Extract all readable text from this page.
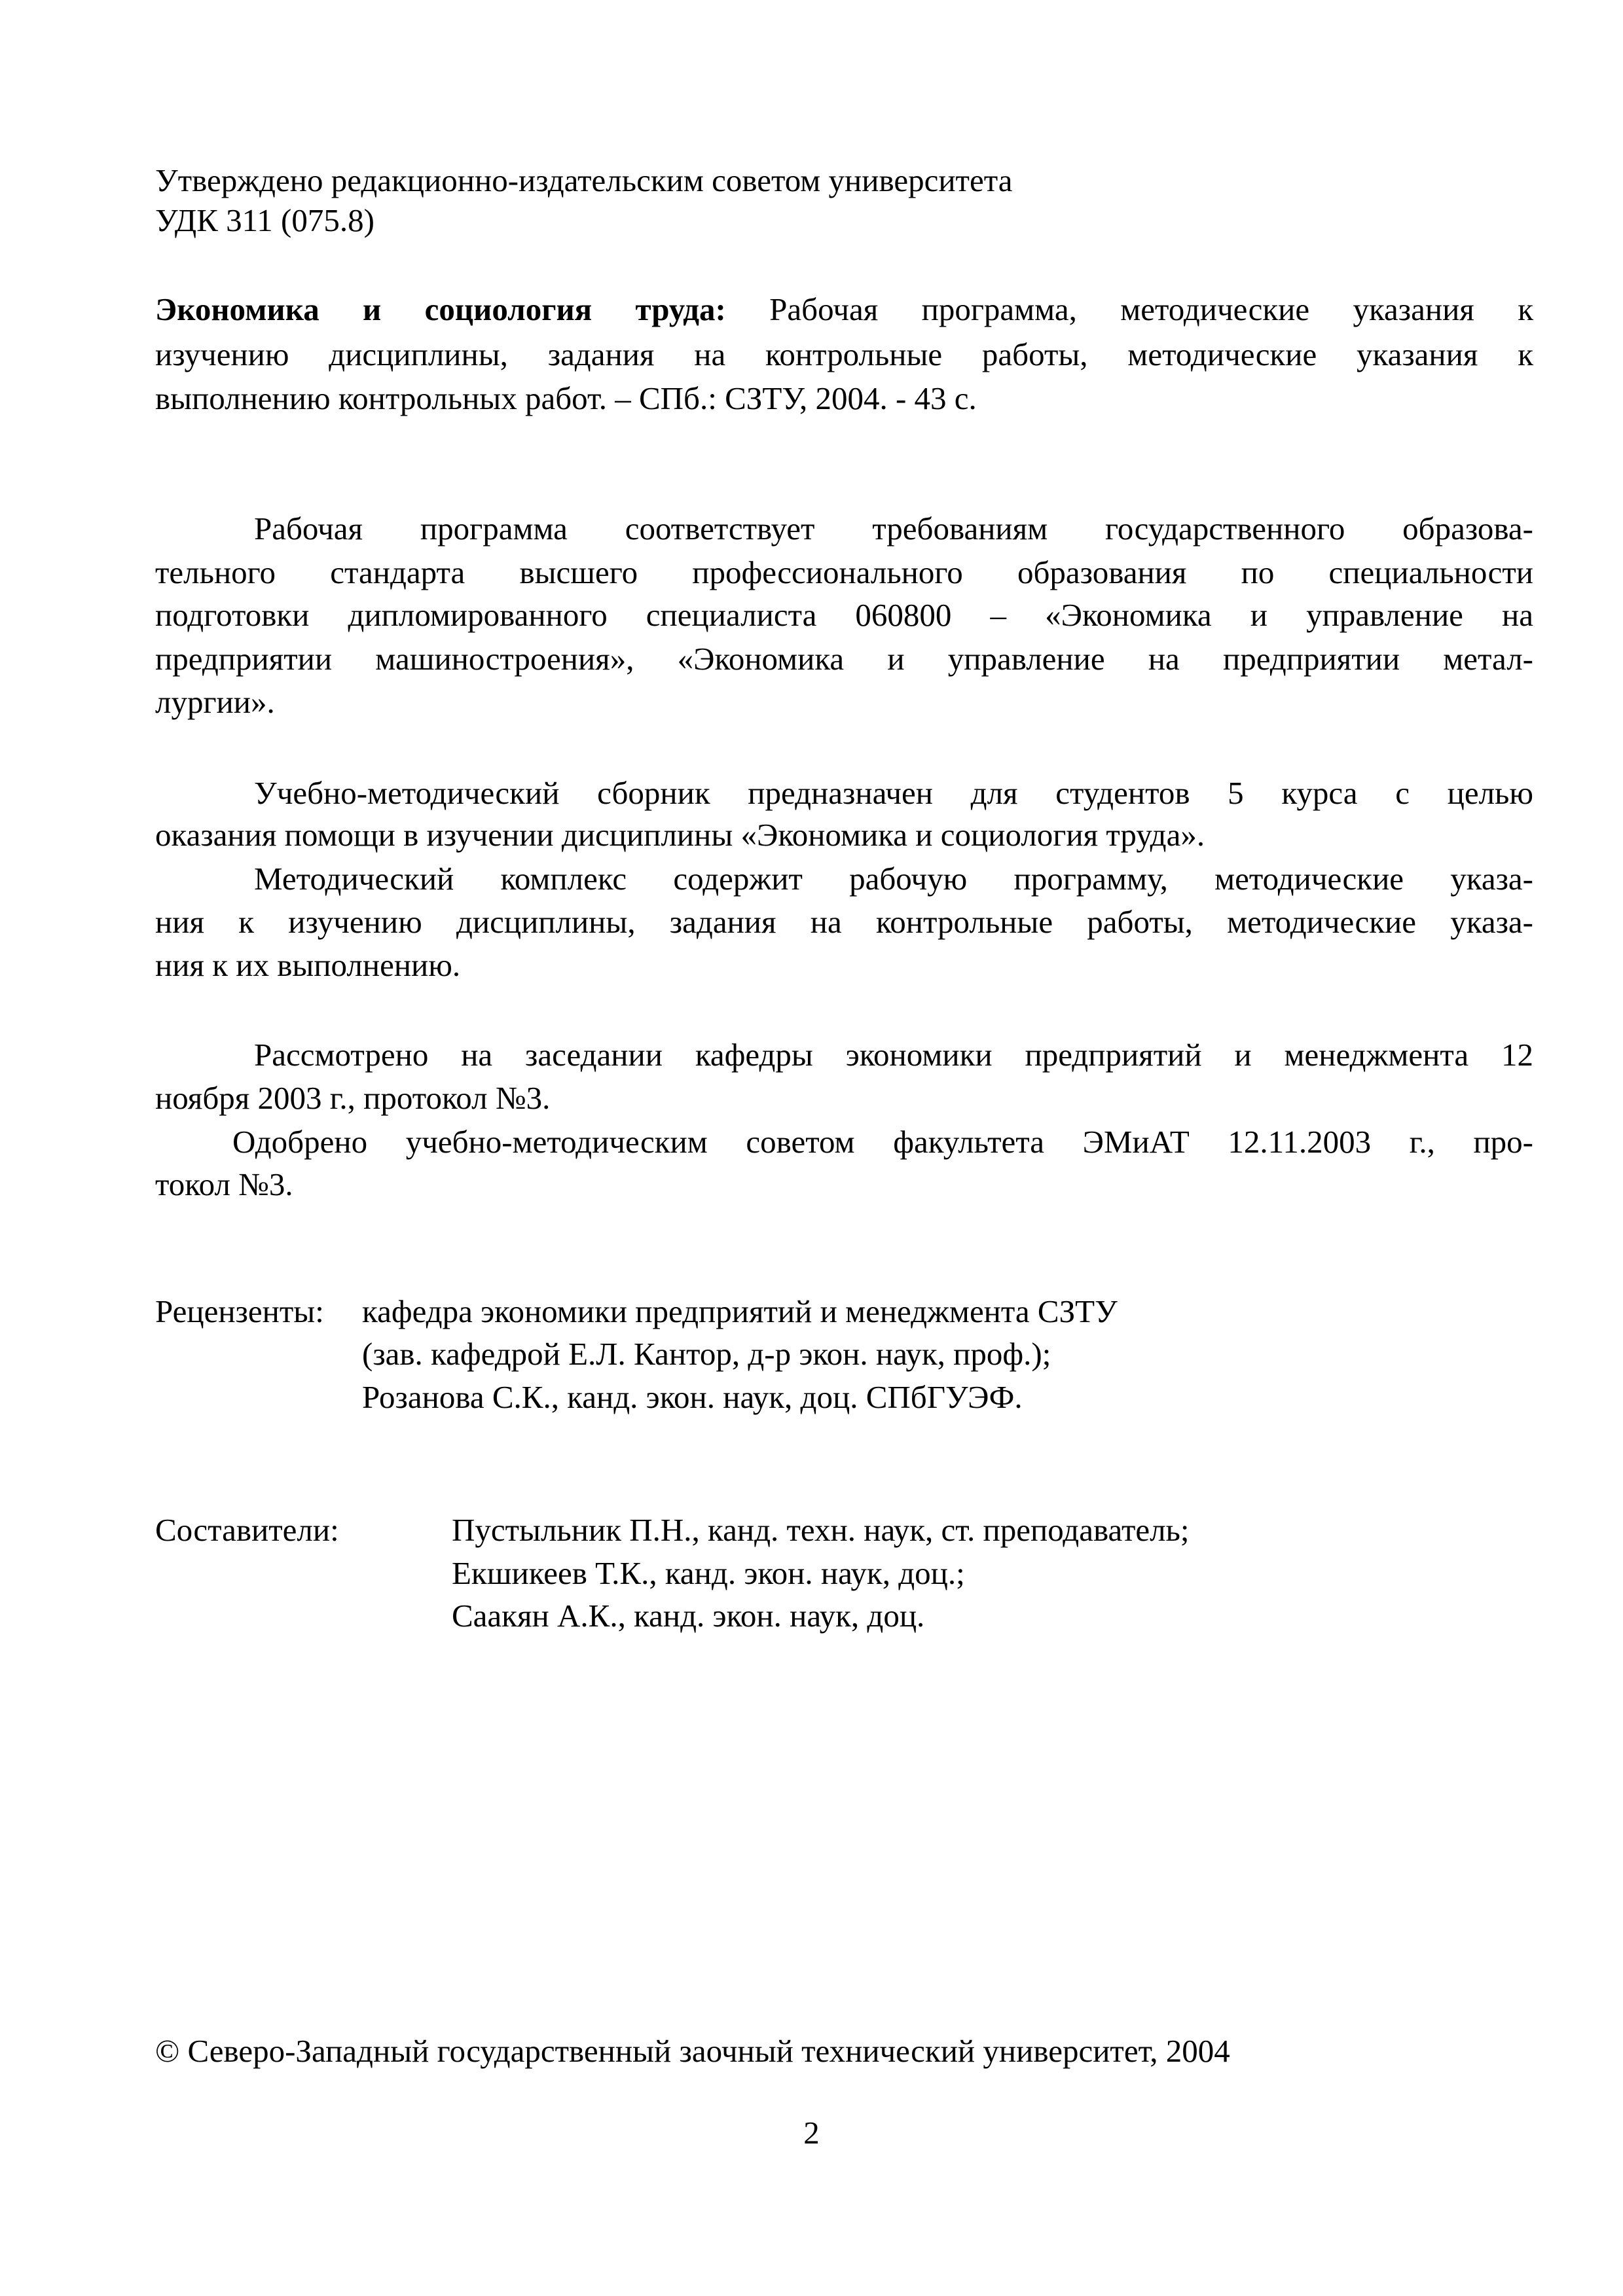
Утверждено редакционно-издательским советом университета

УДК 311 (075.8)

Экономика и социология труда: Рабочая программа, методические указания к

изучению дисциплины, задания на контрольные работы, методические указания к

выполнению контрольных работ. – СПб.: СЗТУ, 2004. - 43 с.

Рабочая программа соответствует требованиям государственного образова-

тельного стандарта высшего профессионального образования по специальности

подготовки дипломированного специалиста 060800 – «Экономика и управление на

предприятии машиностроения», «Экономика и управление на предприятии метал-

лургии».

Учебно-методический сборник предназначен для студентов 5 курса с целью

оказания помощи в изучении дисциплины «Экономика и социология труда».

Методический комплекс содержит рабочую программу, методические указа-

ния к изучению дисциплины, задания на контрольные работы, методические указа-

ния к их выполнению.

Рассмотрено на заседании кафедры экономики предприятий и менеджмента 12

ноября 2003 г., протокол №3.

Одобрено учебно-методическим советом факультета ЭМиАТ 12.11.2003 г., про-

токол №3.

Рецензенты: кафедра экономики предприятий и менеджмента СЗТУ

(зав. кафедрой Е.Л. Кантор, д-р экон. наук, проф.);

Розанова С.К., канд. экон. наук, доц. СПбГУЭФ.

Составители:	Пустыльник П.Н., канд. техн. наук, ст. преподаватель;

Екшикеев Т.К., канд. экон. наук, доц.;

Саакян А.К., канд. экон. наук, доц.

© Северо-Западный государственный заочный технический университет, 2004

2
